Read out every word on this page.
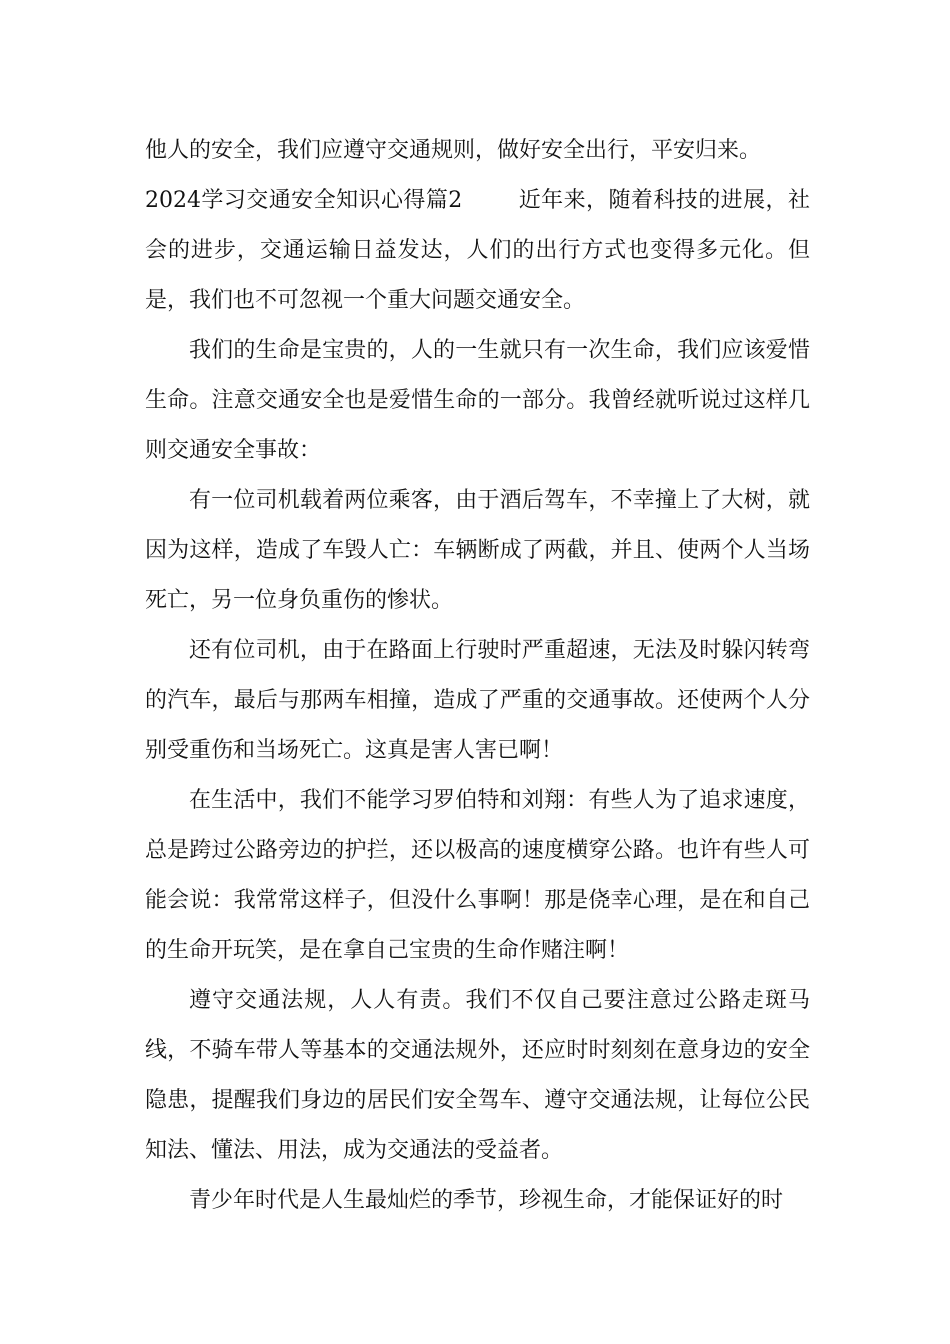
他人的安全，我们应遵守交通规则，做好安全出行，平安归来。

2024学习交通安全知识心得篇2	近年来，随着科技的进展，社会的进步，交通运输日益发达，人们的出行方式也变得多元化。但是，我们也不可忽视一个重大问题交通安全。

我们的生命是宝贵的，人的一生就只有一次生命，我们应该爱惜生命。注意交通安全也是爱惜生命的一部分。我曾经就听说过这样几则交通安全事故：

有一位司机载着两位乘客，由于酒后驾车，不幸撞上了大树，就因为这样，造成了车毁人亡：车辆断成了两截，并且、使两个人当场死亡，另一位身负重伤的惨状。

还有位司机，由于在路面上行驶时严重超速，无法及时躲闪转弯的汽车，最后与那两车相撞，造成了严重的交通事故。还使两个人分别受重伤和当场死亡。这真是害人害已啊！

在生活中，我们不能学习罗伯特和刘翔：有些人为了追求速度，总是跨过公路旁边的护拦，还以极高的速度横穿公路。也许有些人可能会说：我常常这样子，但没什么事啊！那是侥幸心理，是在和自己的生命开玩笑，是在拿自己宝贵的生命作赌注啊！

遵守交通法规，人人有责。我们不仅自己要注意过公路走斑马线，不骑车带人等基本的交通法规外，还应时时刻刻在意身边的安全隐患，提醒我们身边的居民们安全驾车、遵守交通法规，让每位公民知法、懂法、用法，成为交通法的受益者。

青少年时代是人生最灿烂的季节，珍视生命，才能保证好的时
